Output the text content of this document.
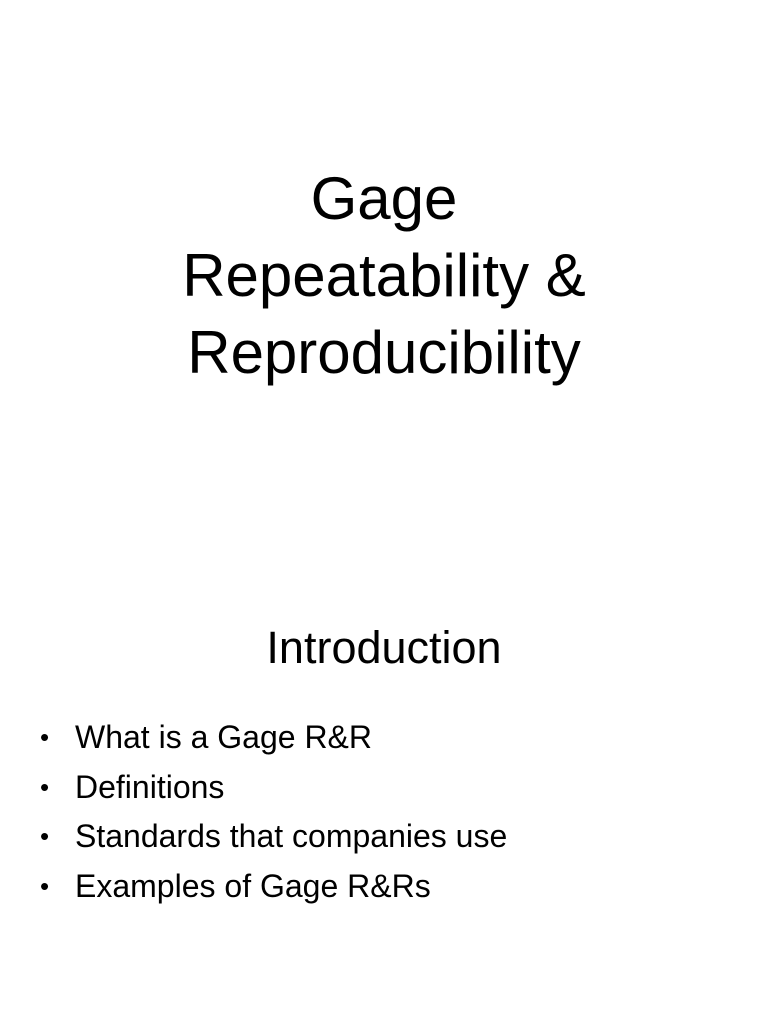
Gage
Repeatability &
Reproducibility
Introduction
• What is a Gage R&R
• Definitions
• Standards that companies use
• Examples of Gage R&Rs
